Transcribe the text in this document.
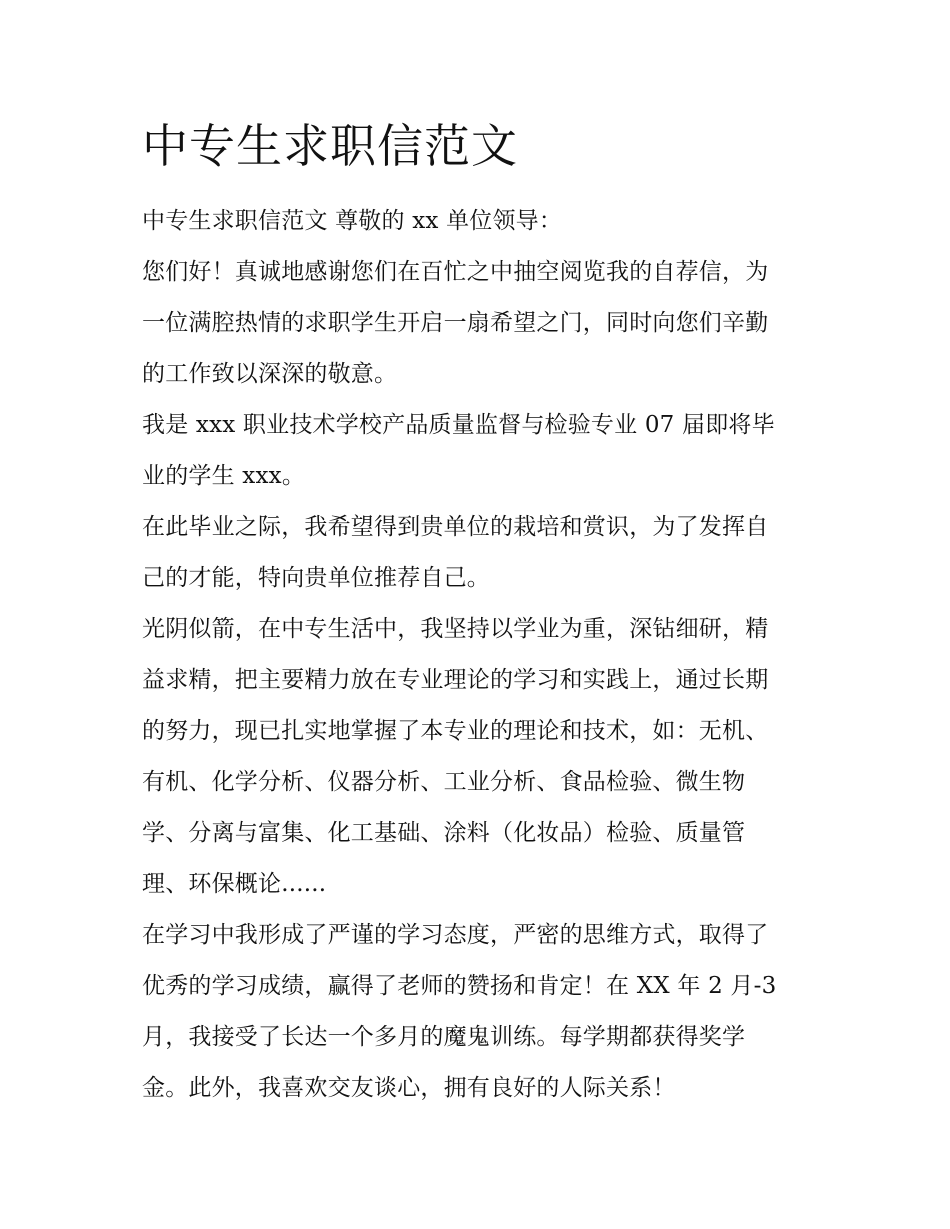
中专生求职信范文
中专生求职信范文 尊敬的 xx 单位领导：
您们好！真诚地感谢您们在百忙之中抽空阅览我的自荐信，为
一位满腔热情的求职学生开启一扇希望之门，同时向您们辛勤
的工作致以深深的敬意。
我是 xxx 职业技术学校产品质量监督与检验专业 07 届即将毕
业的学生 xxx。
在此毕业之际，我希望得到贵单位的栽培和赏识，为了发挥自
己的才能，特向贵单位推荐自己。
光阴似箭，在中专生活中，我坚持以学业为重，深钻细研，精
益求精，把主要精力放在专业理论的学习和实践上，通过长期
的努力，现已扎实地掌握了本专业的理论和技术，如：无机、
有机、化学分析、仪器分析、工业分析、食品检验、微生物
学、分离与富集、化工基础、涂料（化妆品）检验、质量管
理、环保概论......
在学习中我形成了严谨的学习态度，严密的思维方式，取得了
优秀的学习成绩，赢得了老师的赞扬和肯定！在 XX 年 2 月-3
月，我接受了长达一个多月的魔鬼训练。每学期都获得奖学
金。此外，我喜欢交友谈心，拥有良好的人际关系！
